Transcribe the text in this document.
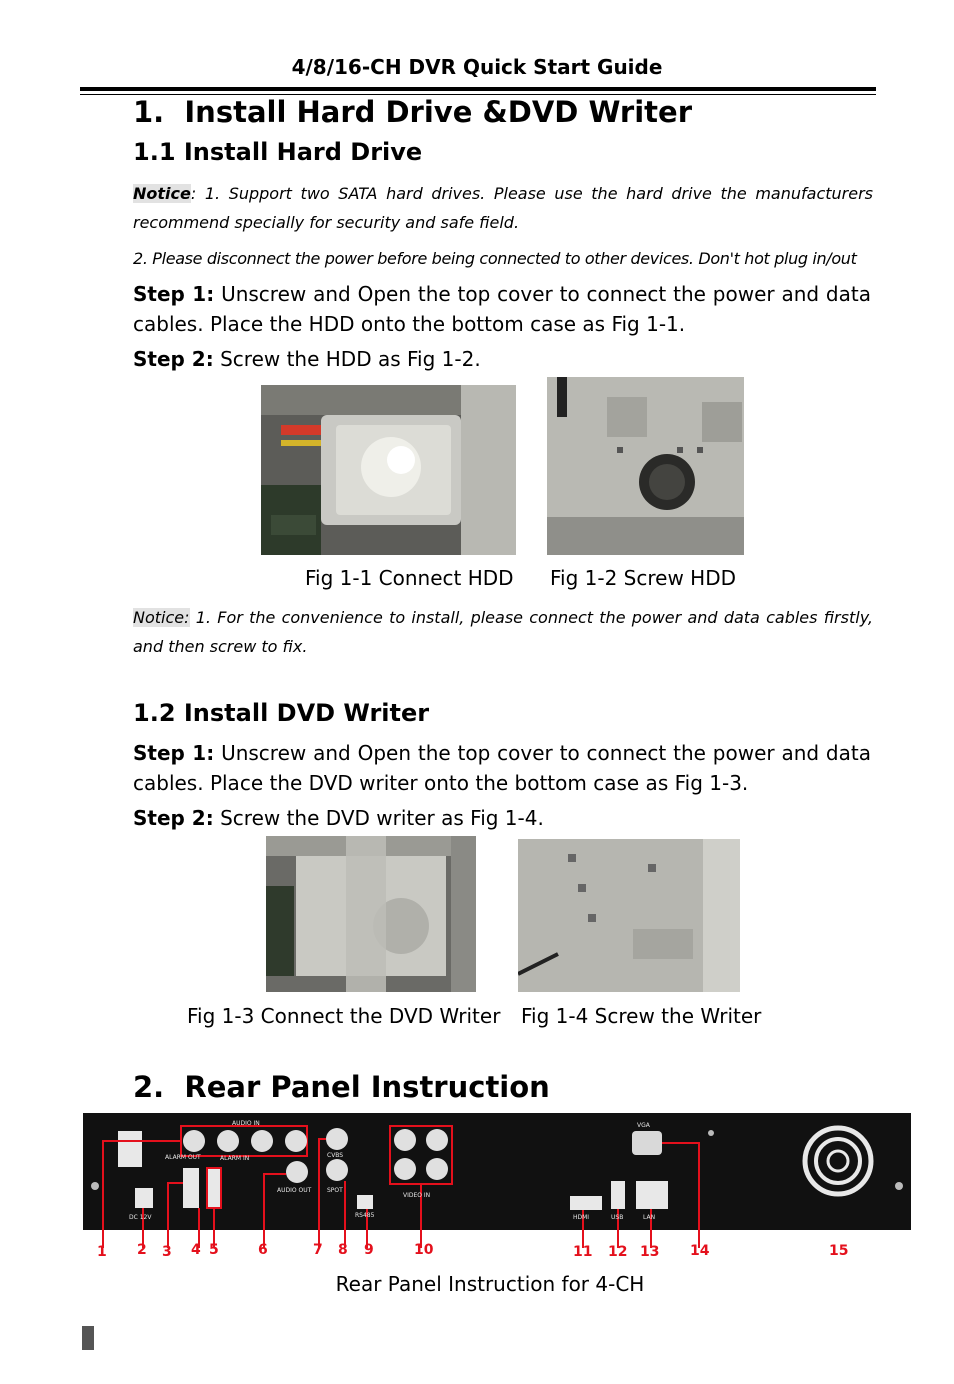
4/8/16-CH DVR Quick Start Guide
1.  Install Hard Drive &DVD Writer
1.1 Install Hard Drive
Notice: 1. Support two SATA hard drives. Please use the hard drive the manufacturers recommend specially for security and safe field.
2. Please disconnect the power before being connected to other devices. Don't hot plug in/out
Step 1: Unscrew and Open the top cover to connect the power and data cables. Place the HDD onto the bottom case as Fig 1-1.
Step 2: Screw the HDD as Fig 1-2.
Fig 1-1 Connect HDD Fig 1-2 Screw HDD
Notice: 1. For the convenience to install, please connect the power and data cables firstly, and then screw to fix.
1.2 Install DVD Writer
Step 1: Unscrew and Open the top cover to connect the power and data cables. Place the DVD writer onto the bottom case as Fig 1-3.
Step 2: Screw the DVD writer as Fig 1-4.
Fig 1-3 Connect the DVD Writer Fig 1-4 Screw the Writer
2.  Rear Panel Instruction
AUDIO IN
ALARM OUT	ALARM IN
AUDIO OUT
CVBS
SPOT
RS485
VIDEO IN
VGA
HDMI	USB	LAN
DC 12V
1 2 3 4 5	6	7 8 9	10	11 12 13 14	15
Rear Panel Instruction for 4-CH
